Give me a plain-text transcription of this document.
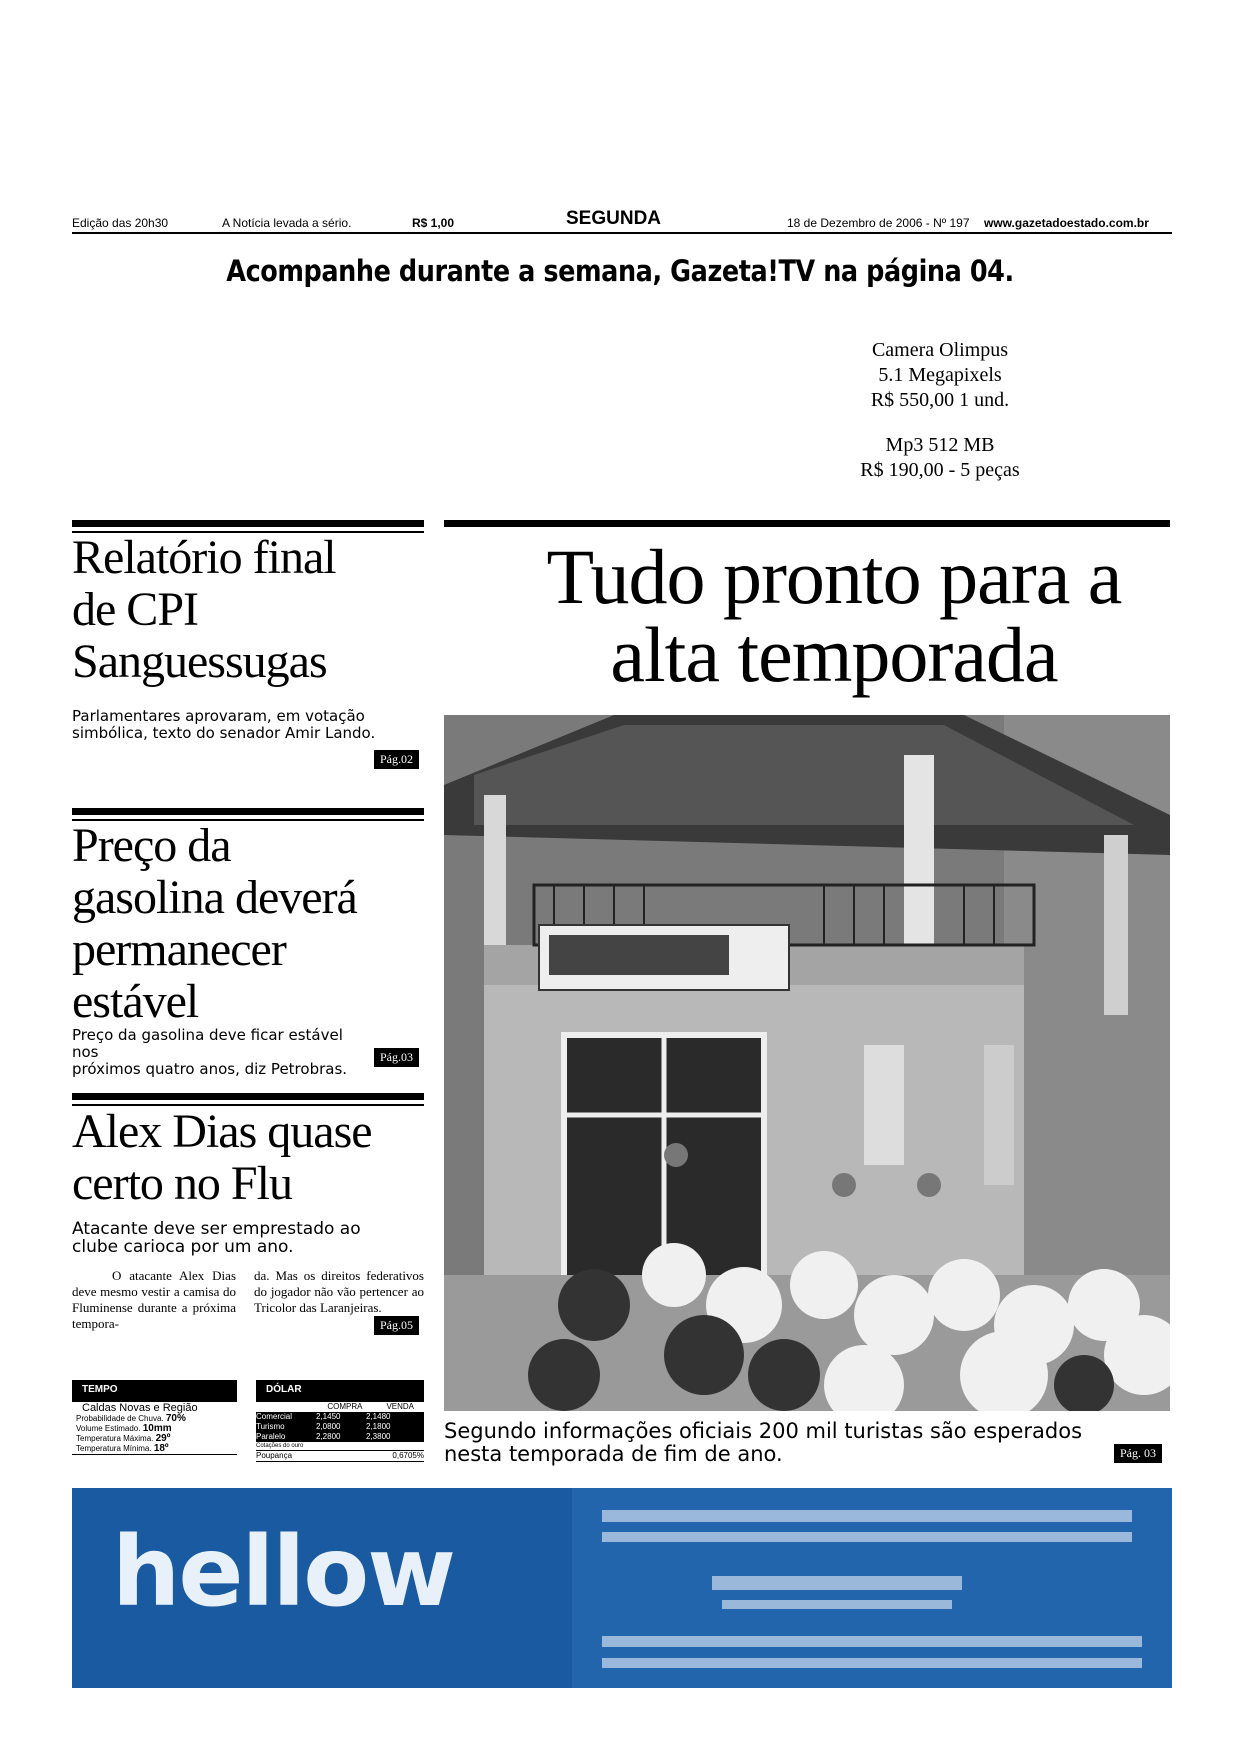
Edição das 20h30	A Notícia levada a sério.	R$ 1,00	SEGUNDA	18 de Dezembro de 2006 - Nº 197 www.gazetadoestado.com.br
Acompanhe durante a semana, Gazeta!TV na página 04.

Camera Olimpus

5.1 Megapixels

R$ 550,00 1 und.

Mp3 512 MB

R$ 190,00 - 5 peças

Relatório final
de CPI
Sanguessugas
Parlamentares aprovaram, em votação
simbólica, texto do senador Amir Lando.
Pág.02
Preço da
gasolina deverá
permanecer
estável
Preço da gasolina deve ficar estável nos
próximos quatro anos, diz Petrobras.
Pág.03
Alex Dias quase
certo no Flu
Atacante deve ser emprestado ao
clube carioca por um ano.
O atacante Alex Dias deve mesmo vestir a camisa do Fluminense durante a próxima tempora-
da. Mas os direitos federativos do jogador não vão pertencer ao Tricolor das Laranjeiras.
Pág.05
Tudo pronto para a
alta temporada
Segundo informações oficiais 200 mil turistas são esperados
nesta temporada de fim de ano.	Pág. 03
TEMPO
Caldas Novas e Região
Probabilidade de Chuva. 70%
Volume Estimado. 10mm
Temperatura Máxima. 29º
Temperatura Mínima. 18º
DÓLAR
COMPRA	VENDA
Comercial	2,1450	2,1480
Turismo	2,0800	2,1800
Paralelo	2,2800	2,3800
Cotações do ouro
Poupança	0,6705%
hellow
